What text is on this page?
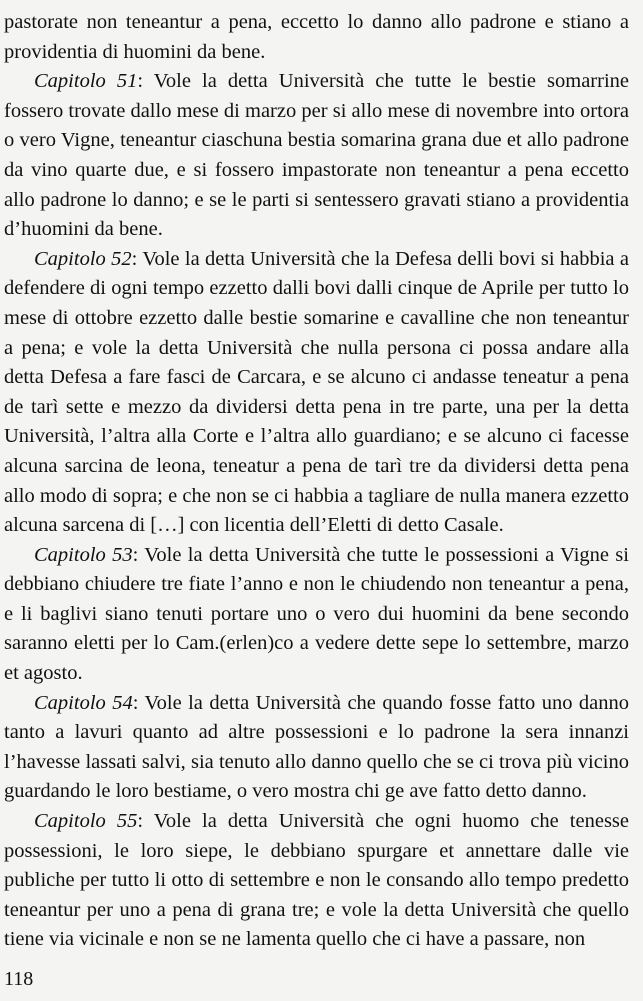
pastorate non teneantur a pena, eccetto lo danno allo padrone e stiano a providentia di huomini da bene.

Capitolo 51: Vole la detta Università che tutte le bestie somarrine fossero trovate dallo mese di marzo per si allo mese di novembre into ortora o vero Vigne, teneantur ciaschuna bestia somarina grana due et allo padrone da vino quarte due, e si fossero impastorate non teneantur a pena eccetto allo padrone lo danno; e se le parti si sentessero gravati stiano a providentia d’huomini da bene.

Capitolo 52: Vole la detta Università che la Defesa delli bovi si habbia a defendere di ogni tempo ezzetto dalli bovi dalli cinque de Aprile per tutto lo mese di ottobre ezzetto dalle bestie somarine e cavalline che non teneantur a pena; e vole la detta Università che nulla persona ci possa andare alla detta Defesa a fare fasci de Carcara, e se alcuno ci andasse teneatur a pena de tarì sette e mezzo da dividersi detta pena in tre parte, una per la detta Università, l’altra alla Corte e l’altra allo guardiano; e se alcuno ci facesse alcuna sarcina de leona, teneatur a pena de tarì tre da dividersi detta pena allo modo di sopra; e che non se ci habbia a tagliare de nulla manera ezzetto alcuna sarcena di […] con licentia dell’Eletti di detto Casale.

Capitolo 53: Vole la detta Università che tutte le possessioni a Vigne si debbiano chiudere tre fiate l’anno e non le chiudendo non teneantur a pena, e li baglivi siano tenuti portare uno o vero dui huomini da bene secondo saranno eletti per lo Cam.(erlen)co a vedere dette sepe lo settembre, marzo et agosto.

Capitolo 54: Vole la detta Università che quando fosse fatto uno danno tanto a lavuri quanto ad altre possessioni e lo padrone la sera innanzi l’havesse lassati salvi, sia tenuto allo danno quello che se ci trova più vicino guardando le loro bestiame, o vero mostra chi ge ave fatto detto danno.

Capitolo 55: Vole la detta Università che ogni huomo che tenesse possessioni, le loro siepe, le debbiano spurgare et annettare dalle vie publiche per tutto li otto di settembre e non le consando allo tempo predetto teneantur per uno a pena di grana tre; e vole la detta Università che quello tiene via vicinale e non se ne lamenta quello che ci have a passare, non

118
